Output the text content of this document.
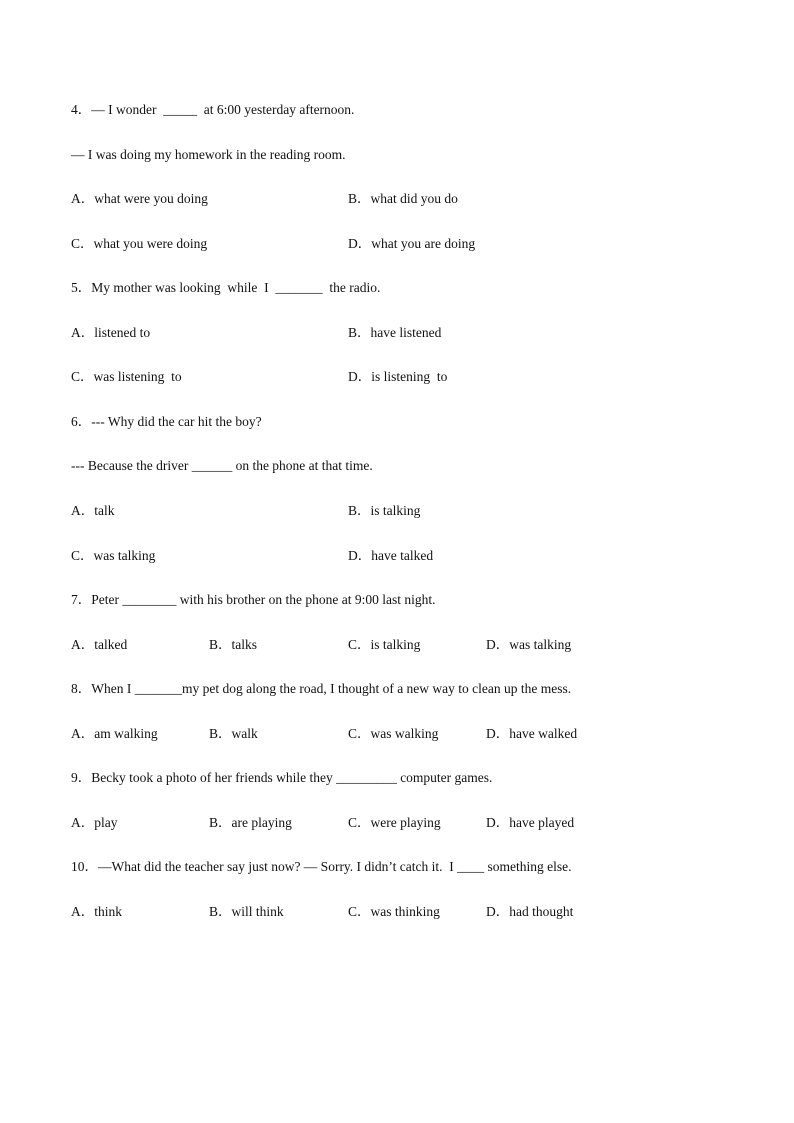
4．— I wonder  _____  at 6:00 yesterday afternoon.
— I was doing my homework in the reading room.
A．what were you doing	B．what did you do
C．what you were doing	D．what you are doing
5．My mother was looking  while  I  _______  the radio.
A．listened to	B．have listened
C．was listening  to	D．is listening  to
6．--- Why did the car hit the boy?
--- Because the driver ______ on the phone at that time.
A．talk	B．is talking
C．was talking	D．have talked
7．Peter ________ with his brother on the phone at 9:00 last night.
A．talked	B．talks	C．is talking	D．was talking
8．When I _______my pet dog along the road, I thought of a new way to clean up the mess.
A．am walking	B．walk	C．was walking	D．have walked
9．Becky took a photo of her friends while they _________ computer games.
A．play	B．are playing	C．were playing	D．have played
10．—What did the teacher say just now? — Sorry. I didn’t catch it.  I ____ something else.
A．think	B．will think	C．was thinking	D．had thought
